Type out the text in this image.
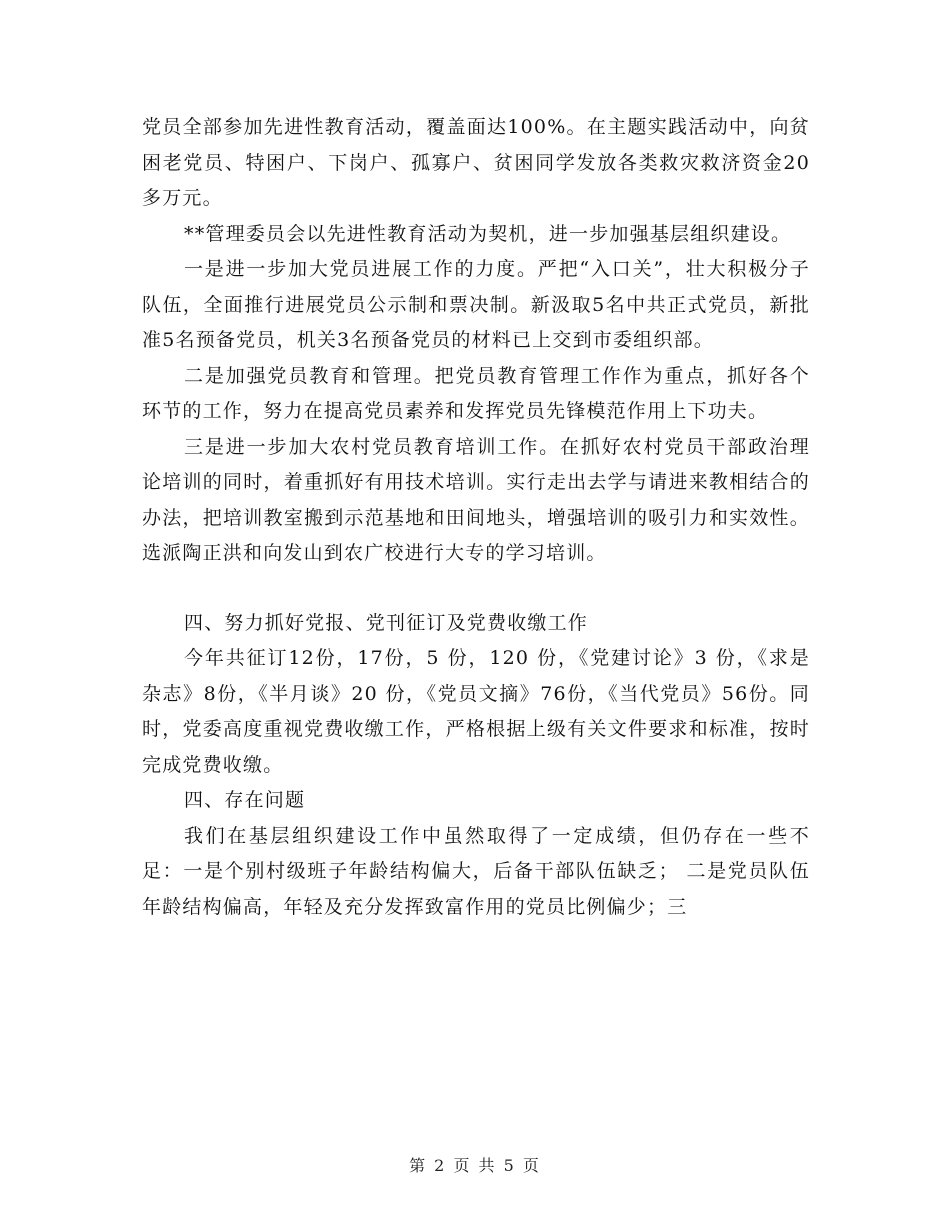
党员全部参加先进性教育活动，覆盖面达100%。在主题实践活动中，向贫困老党员、特困户、下岗户、孤寡户、贫困同学发放各类救灾救济资金20多万元。

**管理委员会以先进性教育活动为契机，进一步加强基层组织建设。

一是进一步加大党员进展工作的力度。严把“入口关”，壮大积极分子队伍，全面推行进展党员公示制和票决制。新汲取5名中共正式党员，新批准5名预备党员，机关3名预备党员的材料已上交到市委组织部。

二是加强党员教育和管理。把党员教育管理工作作为重点，抓好各个环节的工作，努力在提高党员素养和发挥党员先锋模范作用上下功夫。

三是进一步加大农村党员教育培训工作。在抓好农村党员干部政治理论培训的同时，着重抓好有用技术培训。实行走出去学与请进来教相结合的办法，把培训教室搬到示范基地和田间地头，增强培训的吸引力和实效性。选派陶正洪和向发山到农广校进行大专的学习培训。

四、努力抓好党报、党刊征订及党费收缴工作

今年共征订12份，17份，5 份，120 份，《党建讨论》3 份，《求是杂志》8份，《半月谈》20 份，《党员文摘》76份，《当代党员》56份。同时，党委高度重视党费收缴工作，严格根据上级有关文件要求和标准，按时完成党费收缴。

四、存在问题

我们在基层组织建设工作中虽然取得了一定成绩，但仍存在一些不足：一是个别村级班子年龄结构偏大，后备干部队伍缺乏； 二是党员队伍年龄结构偏高，年轻及充分发挥致富作用的党员比例偏少；三

第 2 页 共 5 页
